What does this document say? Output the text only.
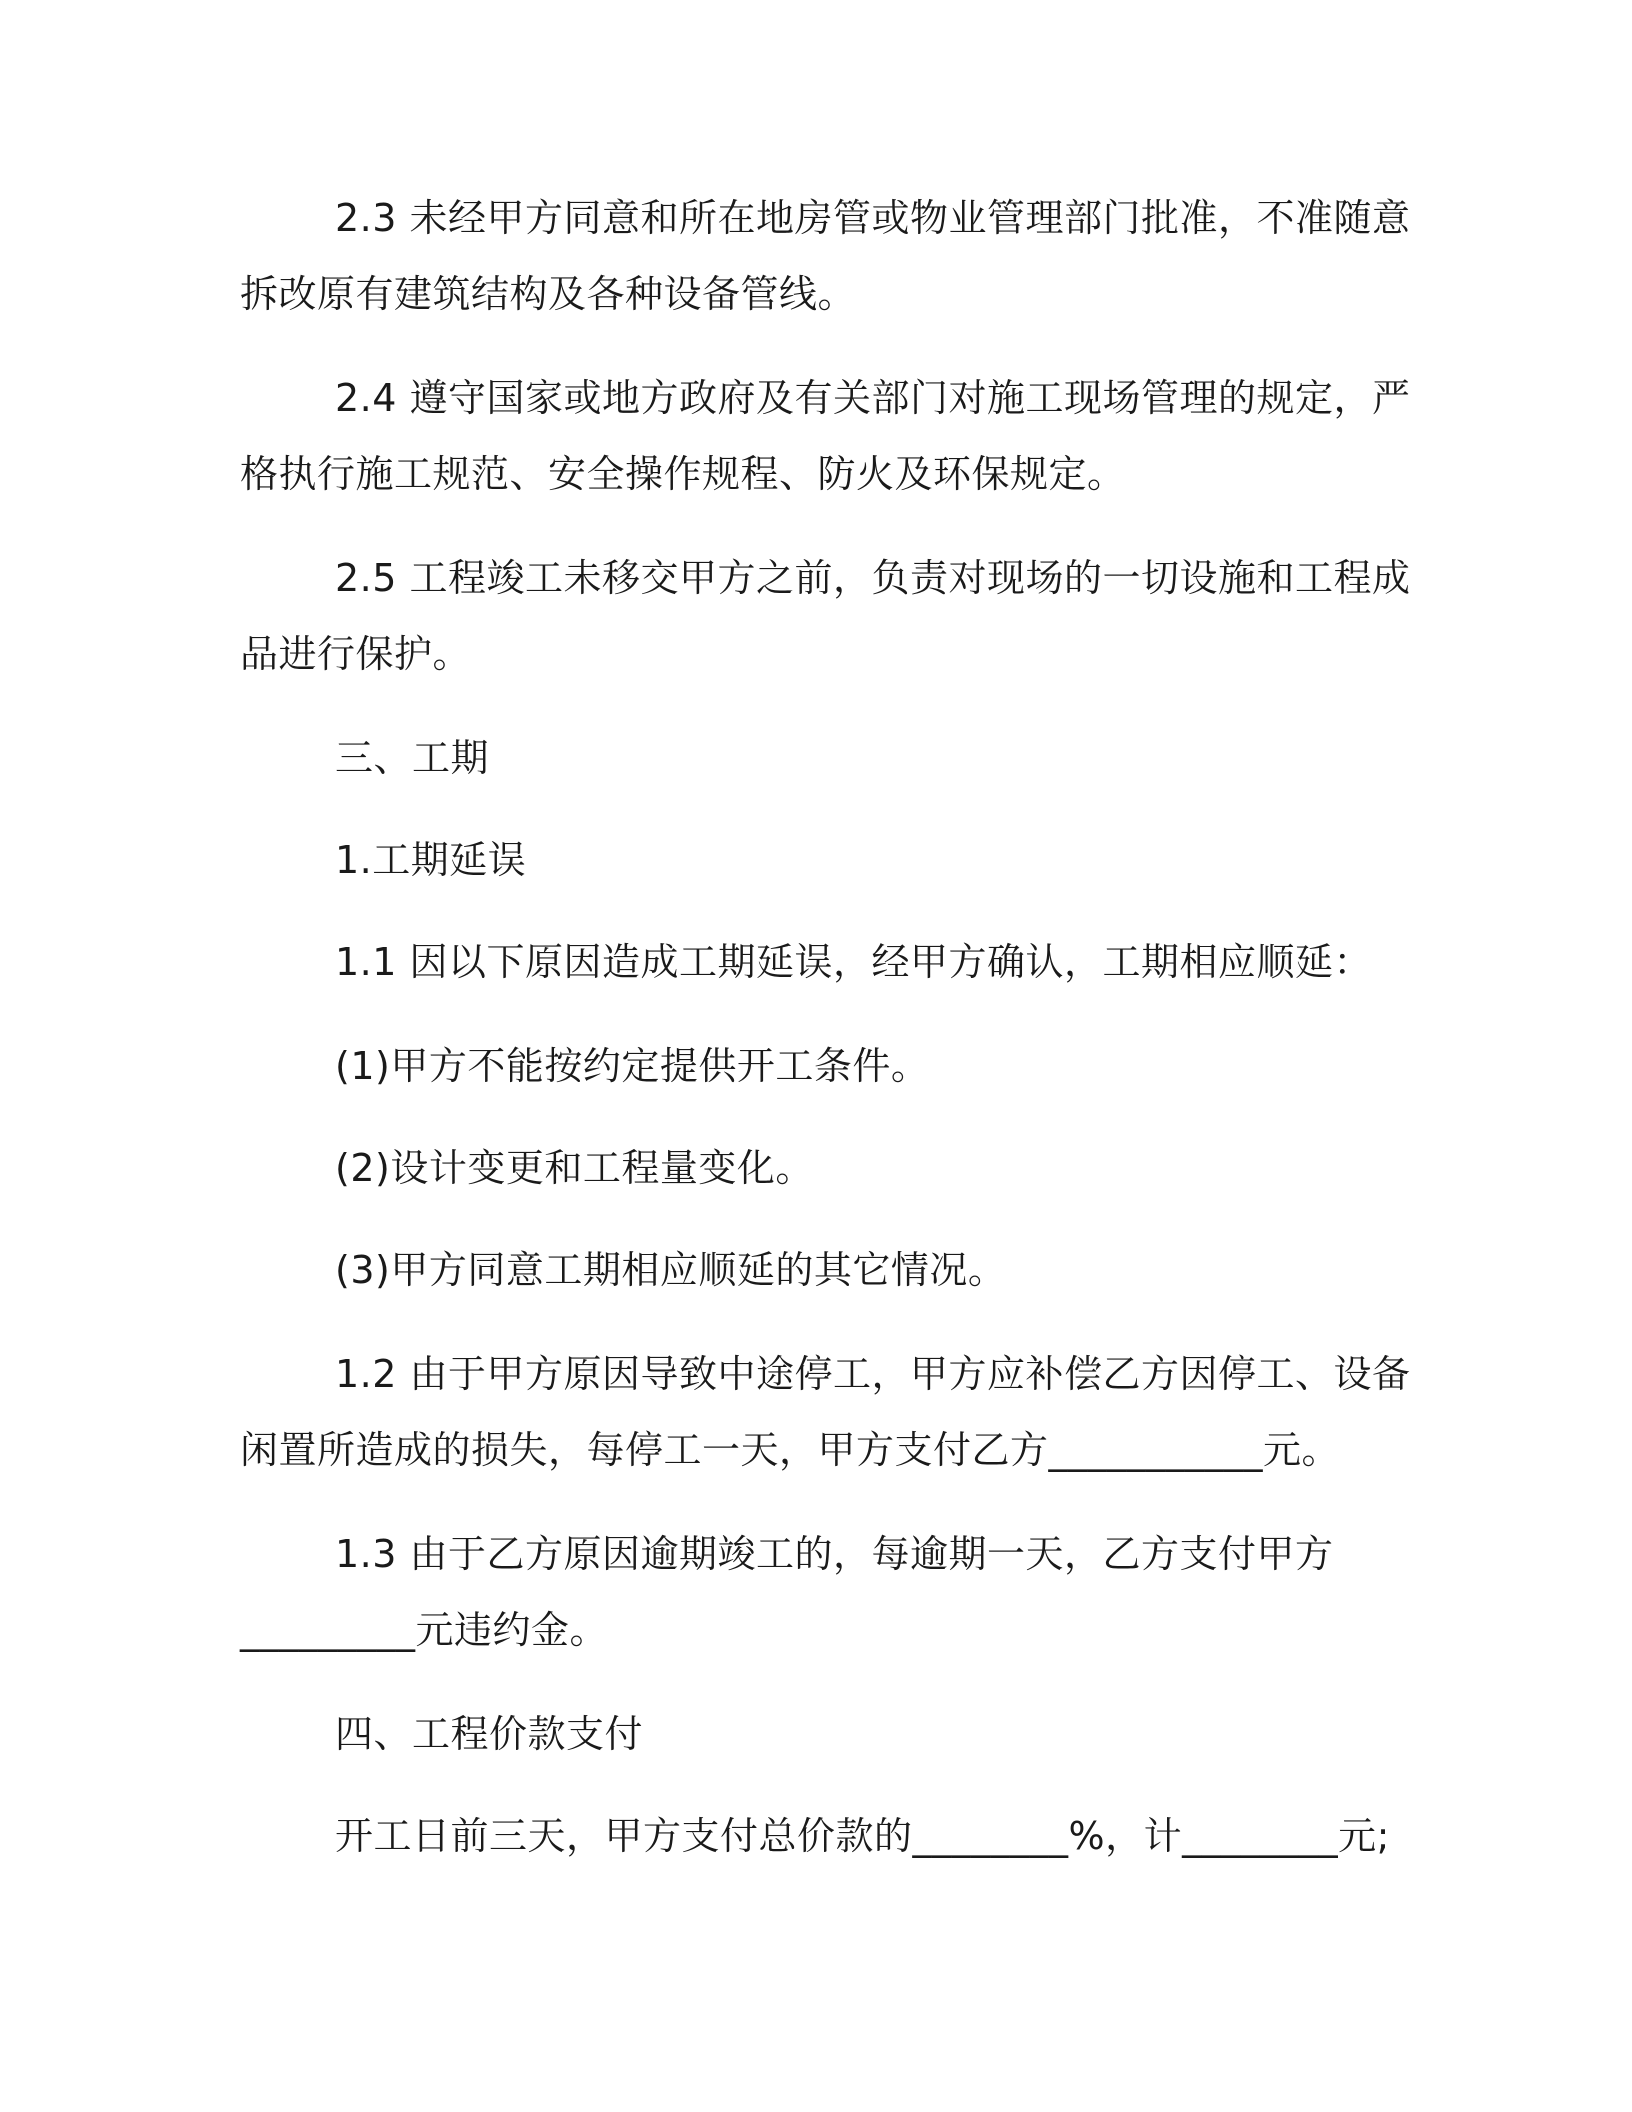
2.3 未经甲方同意和所在地房管或物业管理部门批准，不准随意
拆改原有建筑结构及各种设备管线。
2.4 遵守国家或地方政府及有关部门对施工现场管理的规定，严
格执行施工规范、安全操作规程、防火及环保规定。
2.5 工程竣工未移交甲方之前，负责对现场的一切设施和工程成
品进行保护。
三、工期
1.工期延误
1.1 因以下原因造成工期延误，经甲方确认，工期相应顺延：
(1)甲方不能按约定提供开工条件。
(2)设计变更和工程量变化。
(3)甲方同意工期相应顺延的其它情况。
1.2 由于甲方原因导致中途停工，甲方应补偿乙方因停工、设备
闲置所造成的损失，每停工一天，甲方支付乙方___________元。
1.3 由于乙方原因逾期竣工的，每逾期一天，乙方支付甲方
_________元违约金。
四、工程价款支付
开工日前三天，甲方支付总价款的________%，计________元;
